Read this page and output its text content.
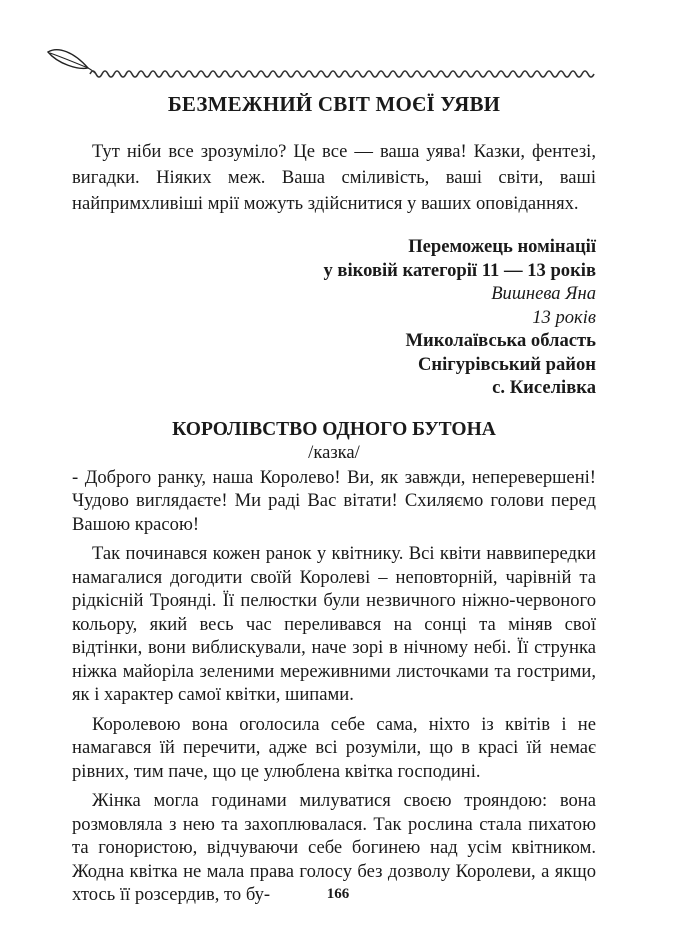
БЕЗМЕЖНИЙ СВІТ МОЄЇ УЯВИ

Тут ніби все зрозуміло? Це все — ваша уява! Казки, фентезі, вигадки. Ніяких меж. Ваша сміливість, ваші світи, ваші найпримхливіші мрії можуть здійснитися у ваших оповіданнях.

Переможець номінації
у віковій категорії 11 — 13 років
Вишнева Яна
13 років
Миколаївська область
Снігурівський район
с. Киселівка
КОРОЛІВСТВО ОДНОГО БУТОНА
/казка/

- Доброго ранку, наша Королево! Ви, як завжди, неперевершені! Чудово виглядаєте! Ми раді Вас вітати! Схиляємо голови перед Вашою красою!

Так починався кожен ранок у квітнику. Всі квіти наввипередки намагалися догодити своїй Королеві – неповторній, чарівній та рідкісній Троянді. Її пелюстки були незвичного ніжно-червоного кольору, який весь час переливався на сонці та міняв свої відтінки, вони виблискували, наче зорі в нічному небі. Її струнка ніжка майоріла зеленими мереживними листочками та гострими, як і характер самої квітки, шипами.

Королевою вона оголосила себе сама, ніхто із квітів і не намагався їй перечити, адже всі розуміли, що в красі їй немає рівних, тим паче, що це улюблена квітка господині.

Жінка могла годинами милуватися своєю трояндою: вона розмовляла з нею та захоплювалася. Так рослина стала пихатою та гонористою, відчуваючи себе богинею над усім квітником. Жодна квітка не мала права голосу без дозволу Королеви, а якщо хтось її розсердив, то бу-	166
